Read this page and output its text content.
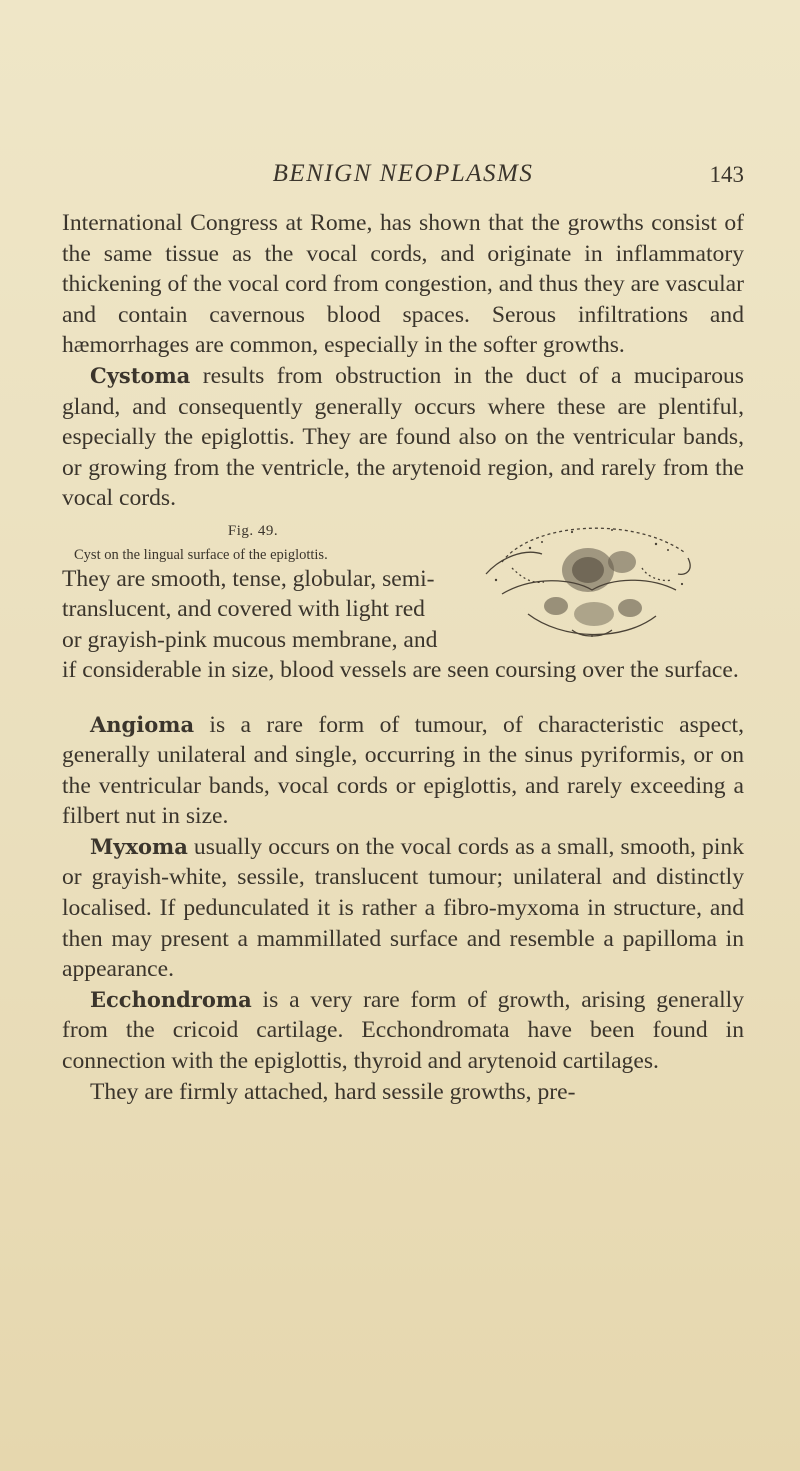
BENIGN NEOPLASMS	143

International Congress at Rome, has shown that the growths consist of the same tissue as the vocal cords, and originate in inflammatory thickening of the vocal cord from congestion, and thus they are vascular and contain cavernous blood spaces. Serous infiltrations and hæmorrhages are common, especially in the softer growths.

Cystoma results from obstruction in the duct of a muciparous gland, and consequently generally occurs where these are plentiful, especially the epiglottis. They are found also on the ventricular bands, or growing from the ventricle, the arytenoid region, and rarely from the vocal cords.

Fig. 49.
Cyst on the lingual surface of the epiglottis.
They are smooth, tense, globular, semi-translucent, and covered with light red or grayish-pink mucous membrane, and if considerable in size, blood vessels are seen coursing over the surface.

Angioma is a rare form of tumour, of characteristic aspect, generally unilateral and single, occurring in the sinus pyriformis, or on the ventricular bands, vocal cords or epiglottis, and rarely exceeding a filbert nut in size.

Myxoma usually occurs on the vocal cords as a small, smooth, pink or grayish-white, sessile, translucent tumour; unilateral and distinctly localised. If pedunculated it is rather a fibro-myxoma in structure, and then may present a mammillated surface and resemble a papilloma in appearance.

Ecchondroma is a very rare form of growth, arising generally from the cricoid cartilage. Ecchondromata have been found in connection with the epiglottis, thyroid and arytenoid cartilages.

They are firmly attached, hard sessile growths, pre-
